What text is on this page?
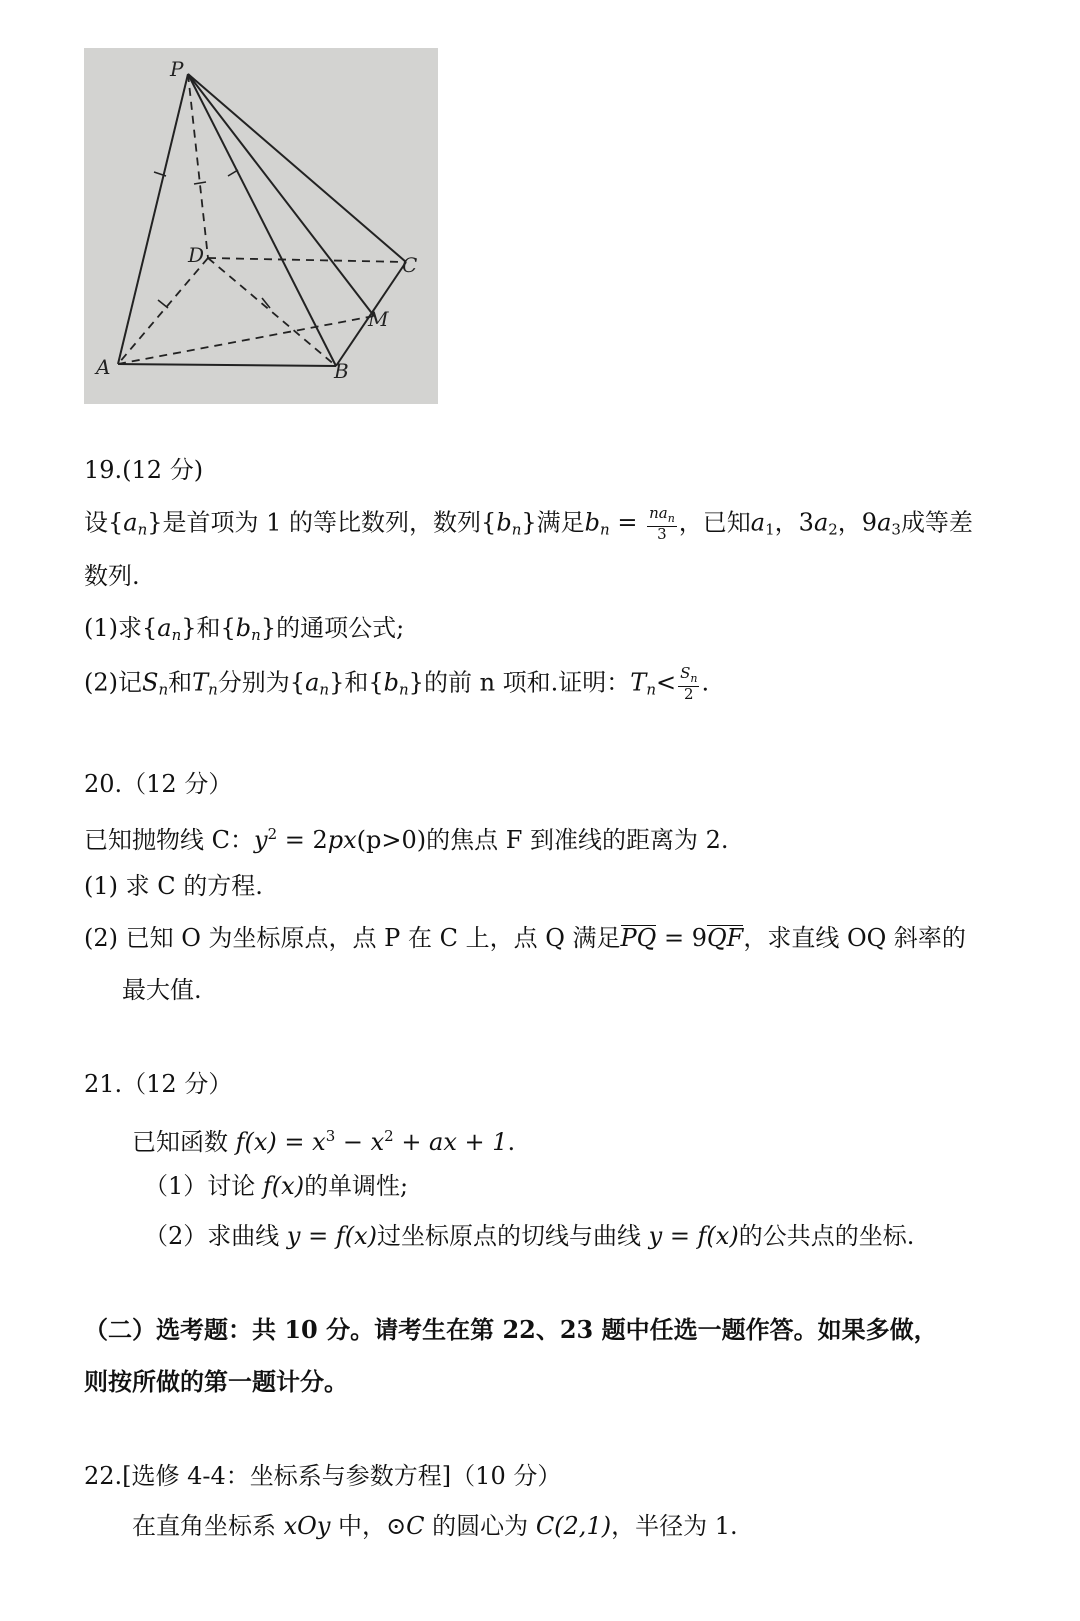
P
D	C
M
A	B
19.(12 分)
设$\{a_n\}$是首项为 1 的等比数列，数列$\{b_n\}$满足$b_n = \frac{na_n}{3}$ ，已知$a_1$，$3a_2$，$9a_3$成等差
数列.
(1)求$\{a_n\}$和$\{b_n\}$的通项公式;
(2)记$S_n$和$T_n$分别为$\{a_n\}$和$\{b_n\}$的前 n 项和.证明：$T_n< \frac{S_n}{2}$ .
20.（12 分）
已知抛物线 C：$y^2 = 2px(p>0)$的焦点 F 到准线的距离为 2.
(1) 求 C 的方程.
(2) 已知 O 为坐标原点，点 P 在 C 上，点 Q 满足PQ = 9QF，求直线 OQ 斜率的
最大值.
21.（12 分）
已知函数 $f(x) = x^3 - x^2$ + ax + 1.
（1）讨论 f(x)的单调性;
（2）求曲线 y = f(x)过坐标原点的切线与曲线 y = f(x)的公共点的坐标.
（二）选考题：共 10 分。请考生在第 22、23 题中任选一题作答。如果多做，
则按所做的第一题计分。
22.[选修 4-4：坐标系与参数方程]（10 分）
在直角坐标系 xOy 中，⊙C 的圆心为 C(2,1)，半径为 1.
